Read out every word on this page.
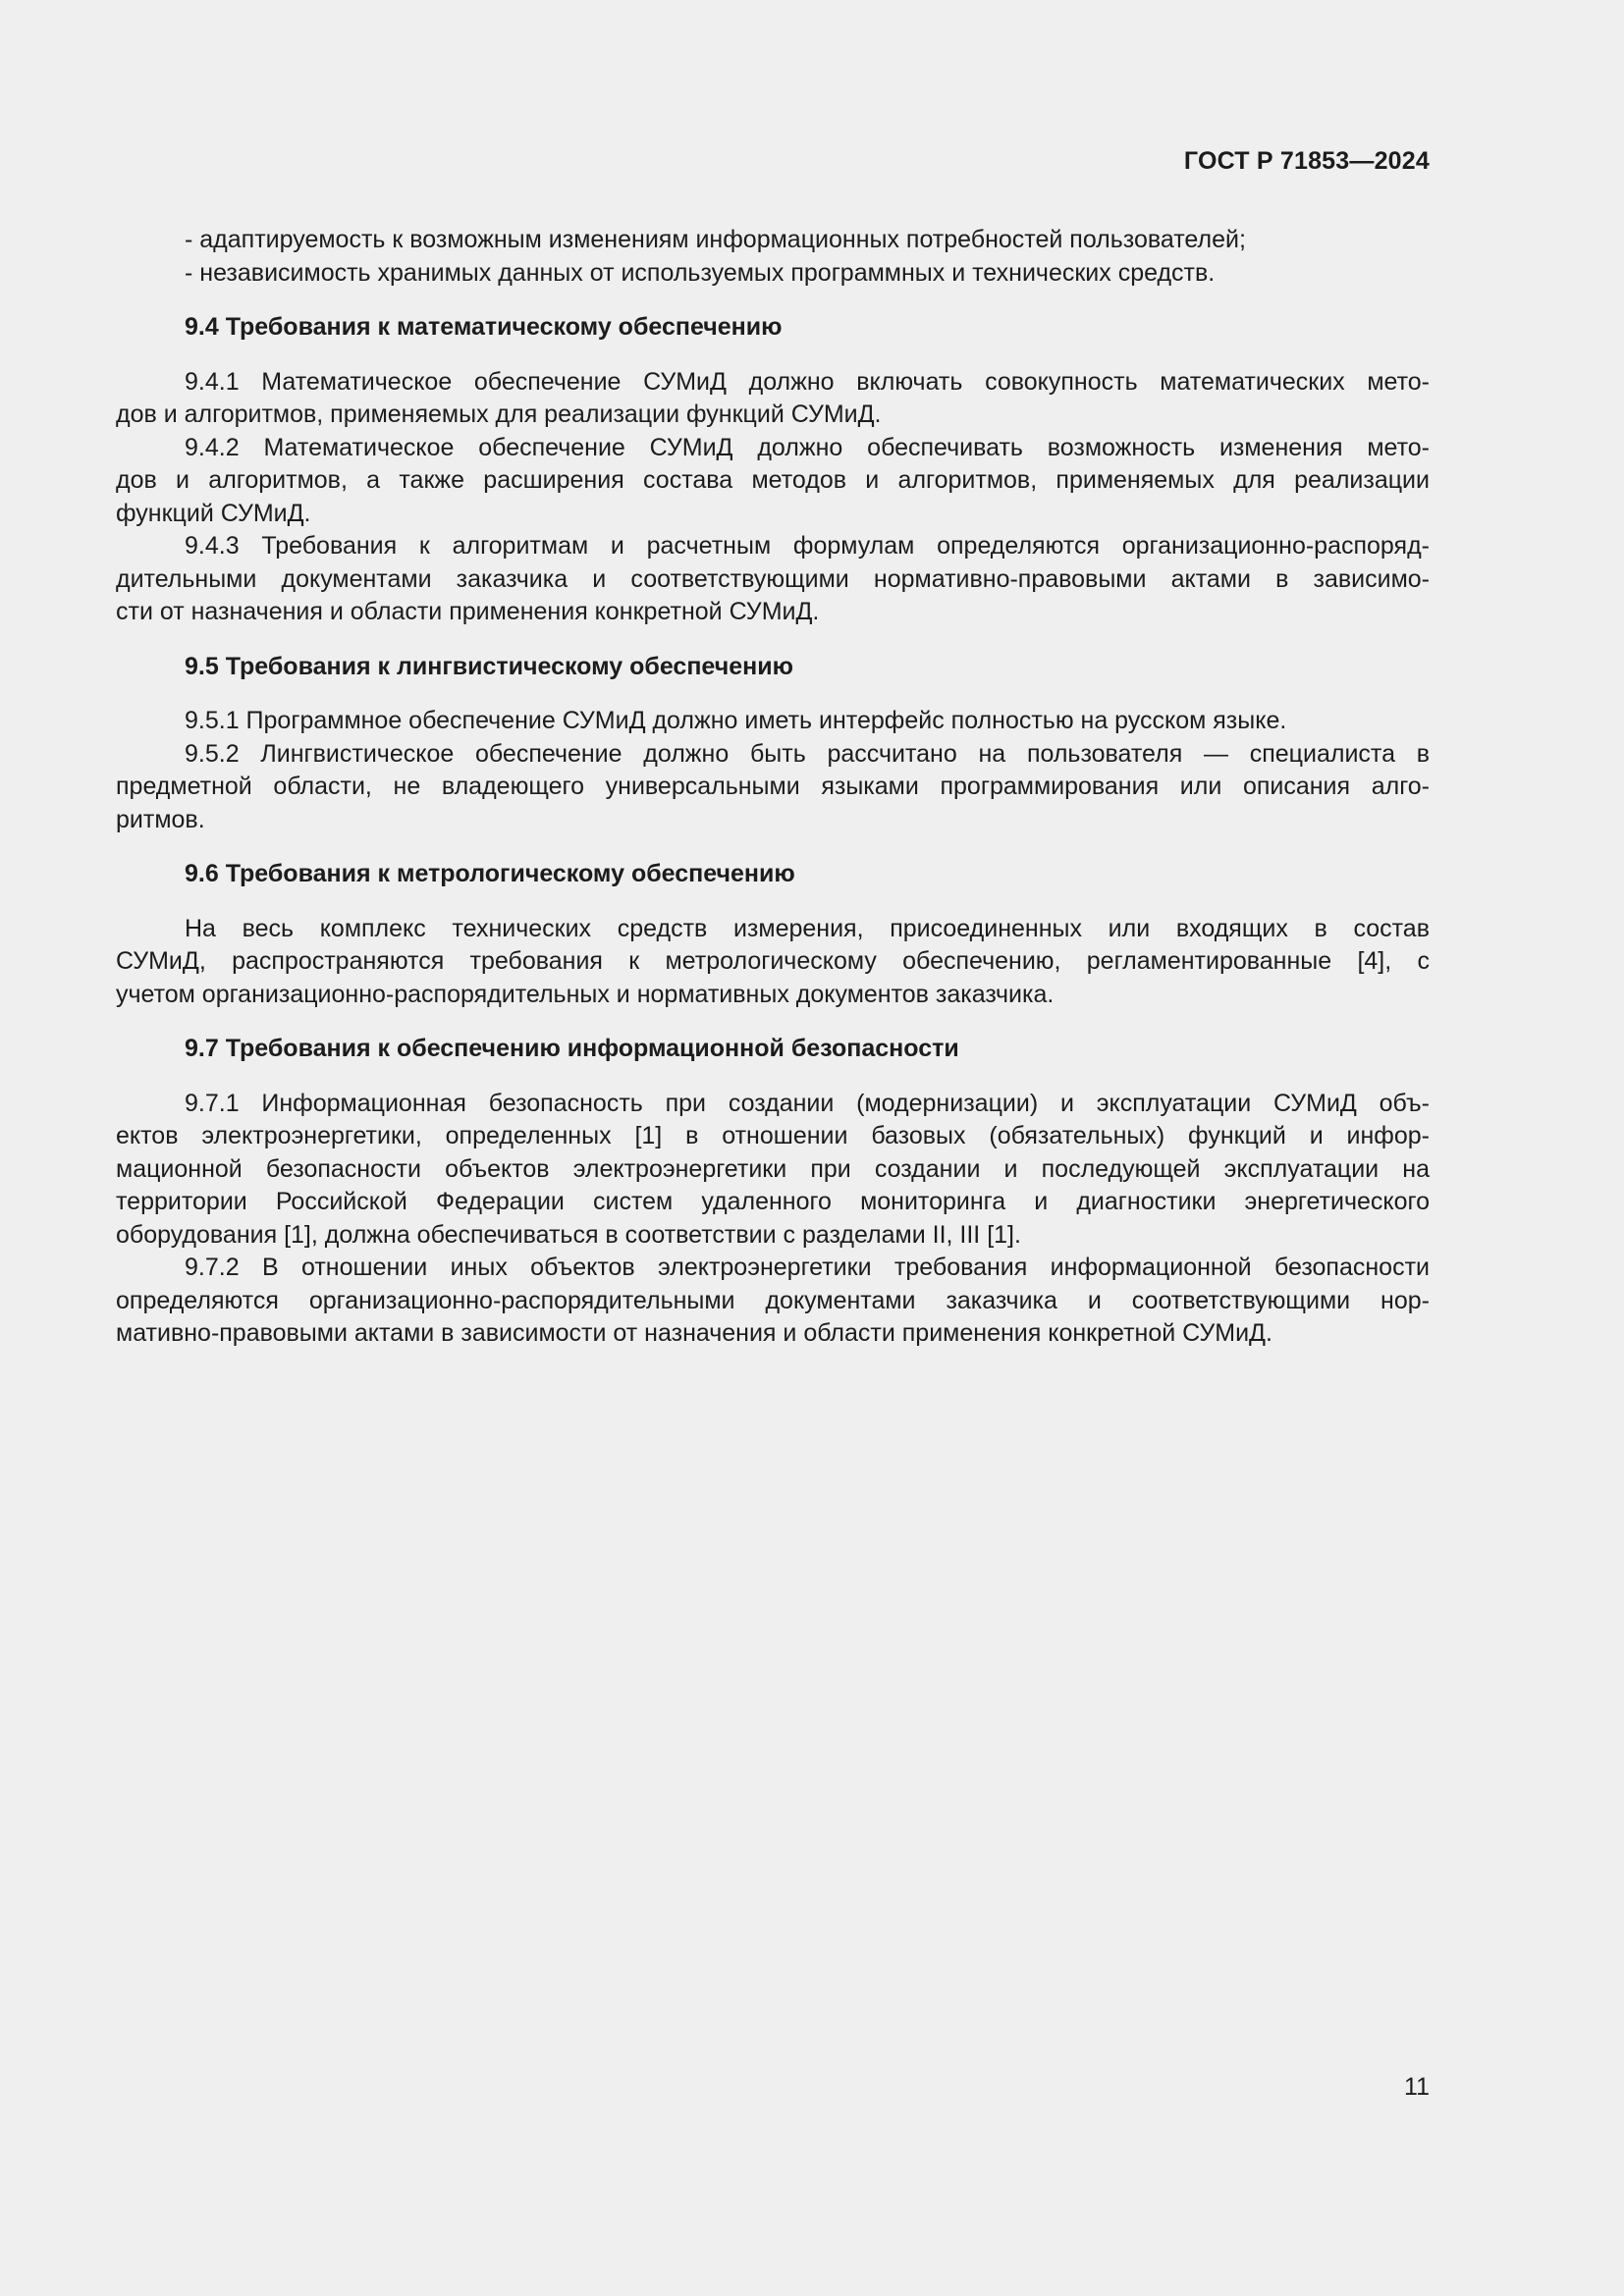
ГОСТ Р 71853—2024
- адаптируемость к возможным изменениям информационных потребностей пользователей;
- независимость хранимых данных от используемых программных и технических средств.
9.4 Требования к математическому обеспечению
9.4.1 Математическое обеспечение СУМиД должно включать совокупность математических мето-
дов и алгоритмов, применяемых для реализации функций СУМиД.
9.4.2 Математическое обеспечение СУМиД должно обеспечивать возможность изменения мето-
дов и алгоритмов, а также расширения состава методов и алгоритмов, применяемых для реализации
функций СУМиД.
9.4.3 Требования к алгоритмам и расчетным формулам определяются организационно-распоряд-
дительными документами заказчика и соответствующими нормативно-правовыми актами в зависимо-
сти от назначения и области применения конкретной СУМиД.
9.5 Требования к лингвистическому обеспечению
9.5.1 Программное обеспечение СУМиД должно иметь интерфейс полностью на русском языке.
9.5.2 Лингвистическое обеспечение должно быть рассчитано на пользователя — специалиста в
предметной области, не владеющего универсальными языками программирования или описания алго-
ритмов.
9.6 Требования к метрологическому обеспечению
На весь комплекс технических средств измерения, присоединенных или входящих в состав
СУМиД, распространяются требования к метрологическому обеспечению, регламентированные [4], с
учетом организационно-распорядительных и нормативных документов заказчика.
9.7 Требования к обеспечению информационной безопасности
9.7.1 Информационная безопасность при создании (модернизации) и эксплуатации СУМиД объ-
ектов электроэнергетики, определенных [1] в отношении базовых (обязательных) функций и инфор-
мационной безопасности объектов электроэнергетики при создании и последующей эксплуатации на
территории Российской Федерации систем удаленного мониторинга и диагностики энергетического
оборудования [1], должна обеспечиваться в соответствии с разделами II, III [1].
9.7.2 В отношении иных объектов электроэнергетики требования информационной безопасности
определяются организационно-распорядительными документами заказчика и соответствующими нор-
мативно-правовыми актами в зависимости от назначения и области применения конкретной СУМиД.
11
